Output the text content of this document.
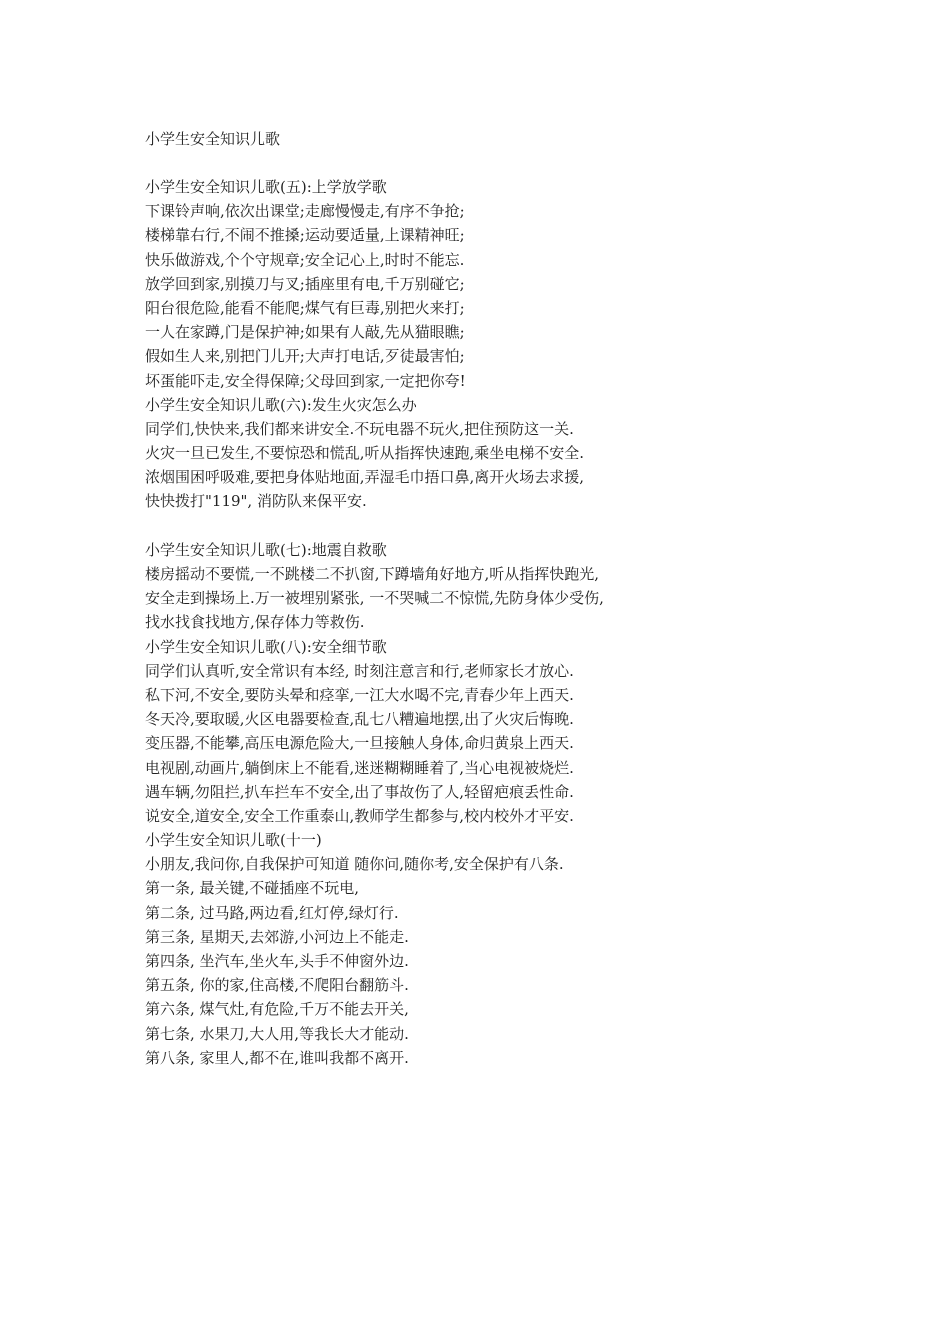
小学生安全知识儿歌
小学生安全知识儿歌(五):上学放学歌
下课铃声响,依次出课堂;走廊慢慢走,有序不争抢;
楼梯靠右行,不闹不推搡;运动要适量,上课精神旺;
快乐做游戏,个个守规章;安全记心上,时时不能忘.
放学回到家,别摸刀与叉;插座里有电,千万别碰它;
阳台很危险,能看不能爬;煤气有巨毒,别把火来打;
一人在家蹲,门是保护神;如果有人敲,先从猫眼瞧;
假如生人来,别把门儿开;大声打电话,歹徒最害怕;
坏蛋能吓走,安全得保障;父母回到家,一定把你夸!
小学生安全知识儿歌(六):发生火灾怎么办
同学们,快快来,我们都来讲安全.不玩电器不玩火,把住预防这一关.
火灾一旦已发生,不要惊恐和慌乱,听从指挥快速跑,乘坐电梯不安全.
浓烟围困呼吸难,要把身体贴地面,弄湿毛巾捂口鼻,离开火场去求援,
快快拨打"119", 消防队来保平安.
小学生安全知识儿歌(七):地震自救歌
楼房摇动不要慌,一不跳楼二不扒窗,下蹲墙角好地方,听从指挥快跑光,
安全走到操场上.万一被埋别紧张, 一不哭喊二不惊慌,先防身体少受伤,
找水找食找地方,保存体力等救伤.
小学生安全知识儿歌(八):安全细节歌
同学们认真听,安全常识有本经, 时刻注意言和行,老师家长才放心.
私下河,不安全,要防头晕和痉挛,一江大水喝不完,青春少年上西天.
冬天冷,要取暖,火区电器要检查,乱七八糟遍地摆,出了火灾后悔晚.
变压器,不能攀,高压电源危险大,一旦接触人身体,命归黄泉上西天.
电视剧,动画片,躺倒床上不能看,迷迷糊糊睡着了,当心电视被烧烂.
遇车辆,勿阻拦,扒车拦车不安全,出了事故伤了人,轻留疤痕丢性命.
说安全,道安全,安全工作重泰山,教师学生都参与,校内校外才平安.
小学生安全知识儿歌(十一)
小朋友,我问你,自我保护可知道 随你问,随你考,安全保护有八条.
第一条, 最关键,不碰插座不玩电,
第二条, 过马路,两边看,红灯停,绿灯行.
第三条, 星期天,去郊游,小河边上不能走.
第四条, 坐汽车,坐火车,头手不伸窗外边.
第五条, 你的家,住高楼,不爬阳台翻筋斗.
第六条, 煤气灶,有危险,千万不能去开关,
第七条, 水果刀,大人用,等我长大才能动.
第八条, 家里人,都不在,谁叫我都不离开.
